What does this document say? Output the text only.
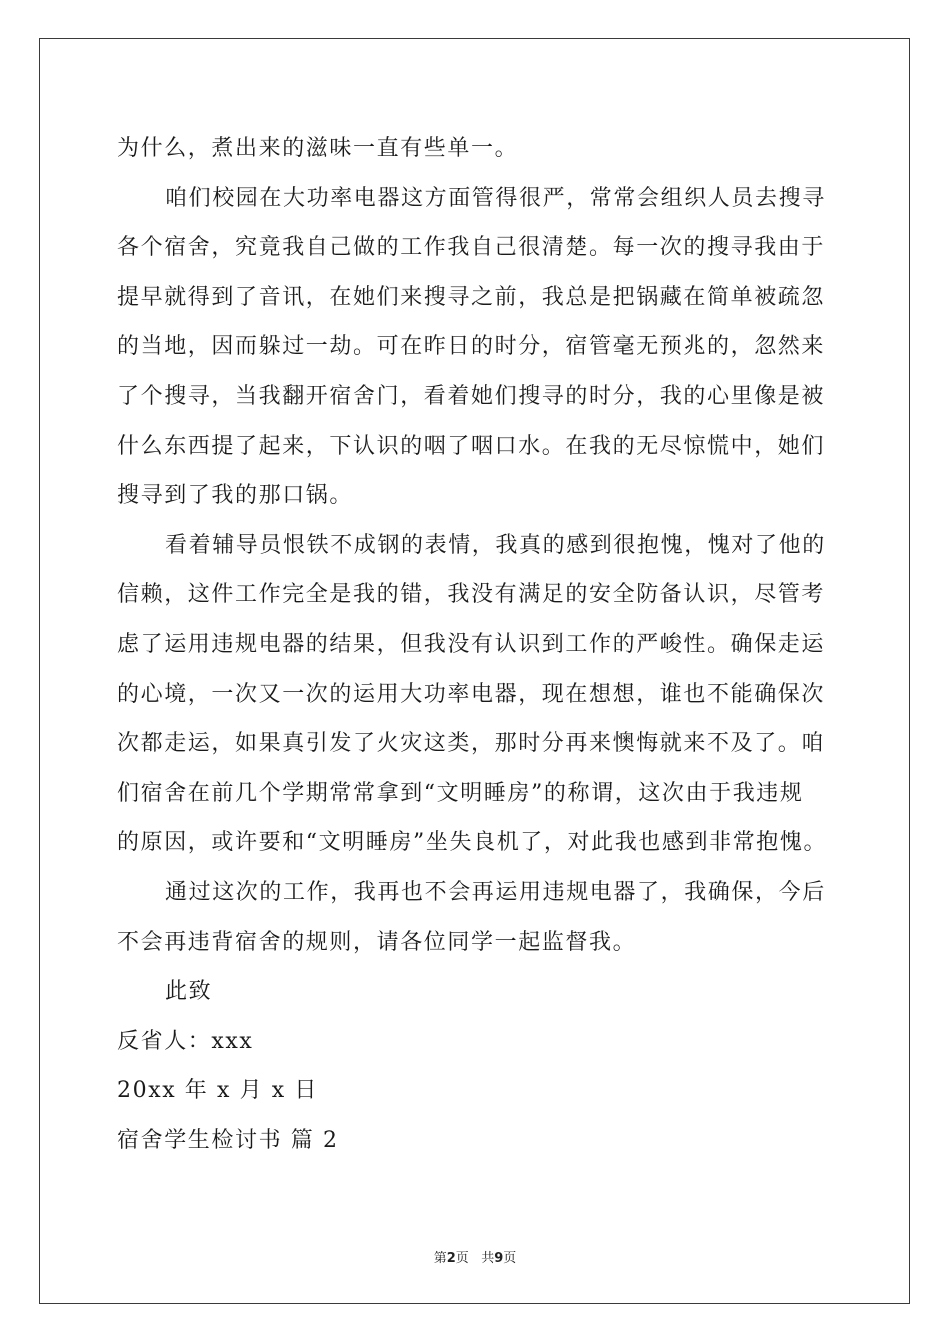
为什么，煮出来的滋味一直有些单一。
咱们校园在大功率电器这方面管得很严，常常会组织人员去搜寻
各个宿舍，究竟我自己做的工作我自己很清楚。每一次的搜寻我由于
提早就得到了音讯，在她们来搜寻之前，我总是把锅藏在简单被疏忽
的当地，因而躲过一劫。可在昨日的时分，宿管毫无预兆的，忽然来
了个搜寻，当我翻开宿舍门，看着她们搜寻的时分，我的心里像是被
什么东西提了起来，下认识的咽了咽口水。在我的无尽惊慌中，她们
搜寻到了我的那口锅。
看着辅导员恨铁不成钢的表情，我真的感到很抱愧，愧对了他的
信赖，这件工作完全是我的错，我没有满足的安全防备认识，尽管考
虑了运用违规电器的结果，但我没有认识到工作的严峻性。确保走运
的心境，一次又一次的运用大功率电器，现在想想，谁也不能确保次
次都走运，如果真引发了火灾这类，那时分再来懊悔就来不及了。咱
们宿舍在前几个学期常常拿到“文明睡房”的称谓，这次由于我违规
的原因，或许要和“文明睡房”坐失良机了，对此我也感到非常抱愧。
通过这次的工作，我再也不会再运用违规电器了，我确保，今后
不会再违背宿舍的规则，请各位同学一起监督我。
此致
反省人：xxx
20xx 年 x 月 x 日
宿舍学生检讨书 篇 2
第2页 共9页
